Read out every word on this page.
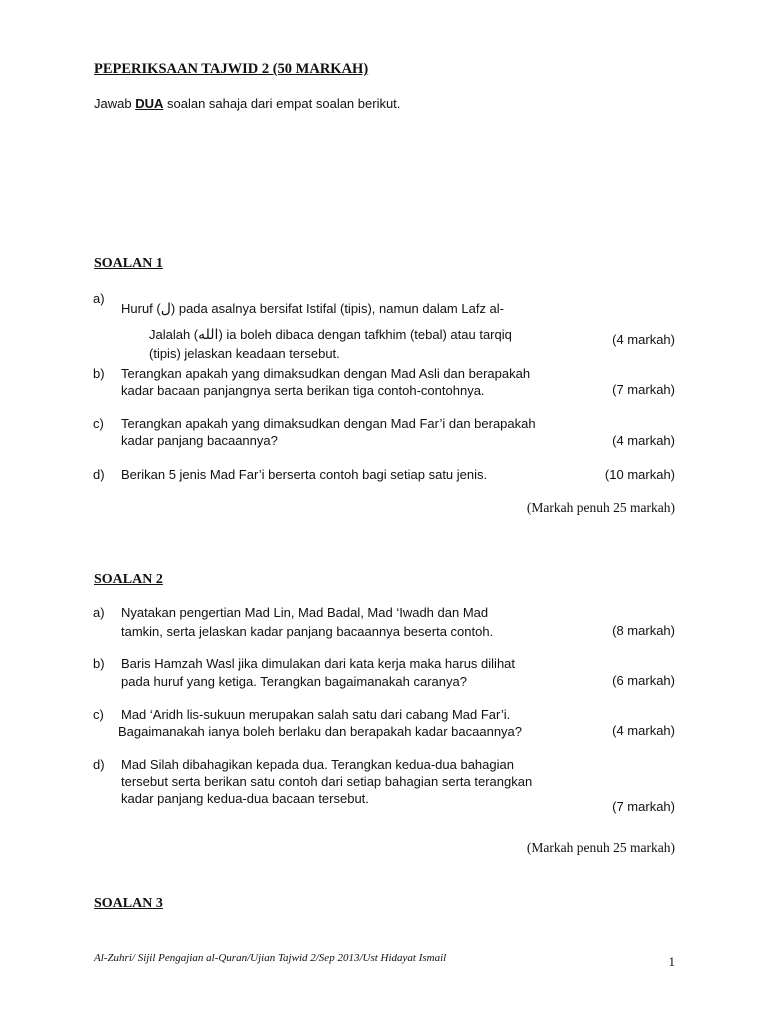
PEPERIKSAAN TAJWID 2 (50 MARKAH)
Jawab DUA soalan sahaja dari empat soalan berikut.
SOALAN 1
a)
Huruf (ل) pada asalnya bersifat Istifal (tipis), namun dalam Lafz al-
Jalalah (الله) ia boleh dibaca dengan tafkhim (tebal) atau tarqiq
(tipis) jelaskan keadaan tersebut.
(4 markah)
b) Terangkan apakah yang dimaksudkan dengan Mad Asli dan berapakah
kadar bacaan panjangnya serta berikan tiga contoh-contohnya.	(7 markah)
c) Terangkan apakah yang dimaksudkan dengan Mad Far’i dan berapakah
kadar panjang bacaannya?	(4 markah)
d) Berikan 5 jenis Mad Far’i berserta contoh bagi setiap satu jenis.	(10 markah)
(Markah penuh 25 markah)
SOALAN 2
a) Nyatakan pengertian Mad Lin, Mad Badal, Mad ‘Iwadh dan Mad
tamkin, serta jelaskan kadar panjang bacaannya beserta contoh.	(8 markah)
b) Baris Hamzah Wasl jika dimulakan dari kata kerja maka harus dilihat
pada huruf yang ketiga. Terangkan bagaimanakah caranya?	(6 markah)
c) Mad ‘Aridh lis-sukuun merupakan salah satu dari cabang Mad Far’i.
Bagaimanakah ianya boleh berlaku dan berapakah kadar bacaannya?	(4 markah)
d) Mad Silah dibahagikan kepada dua. Terangkan kedua-dua bahagian
tersebut serta berikan satu contoh dari setiap bahagian serta terangkan
kadar panjang kedua-dua bacaan tersebut.
(7 markah)
(Markah penuh 25 markah)
SOALAN 3
Al-Zuhri/ Sijil Pengajian al-Quran/Ujian Tajwid 2/Sep 2013/Ust Hidayat Ismail	1
